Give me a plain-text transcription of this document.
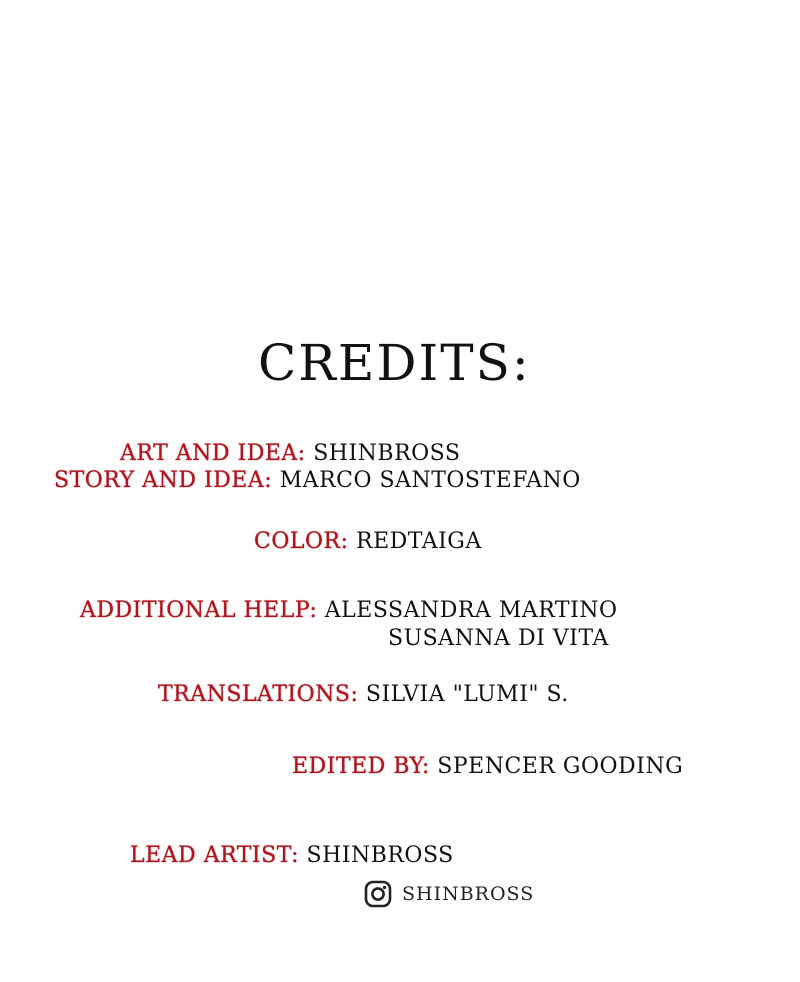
CREDITS:
ART AND IDEA: SHINBROSS
STORY AND IDEA: MARCO SANTOSTEFANO
COLOR: REDTAIGA
ADDITIONAL HELP: ALESSANDRA MARTINO
SUSANNA DI VITA
TRANSLATIONS: SILVIA "LUMI" S.
EDITED BY: SPENCER GOODING
LEAD ARTIST: SHINBROSS
SHINBROSS
